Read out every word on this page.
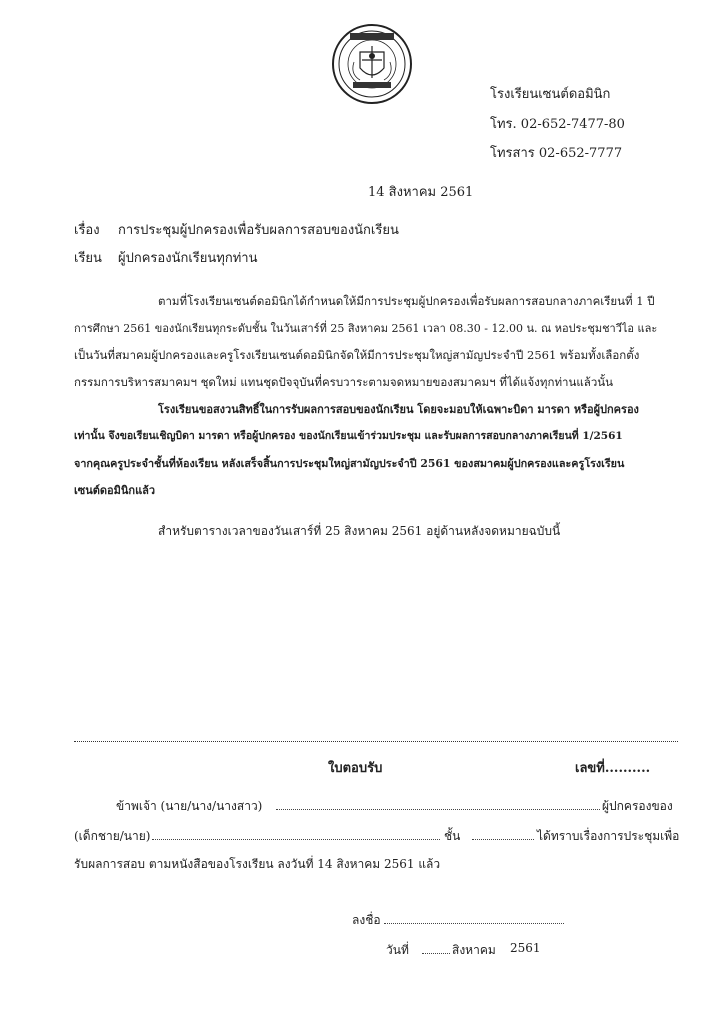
โรงเรียนเซนต์ดอมินิก
โทร. 02-652-7477-80
โทรสาร 02-652-7777
14 สิงหาคม 2561
เรื่อง การประชุมผู้ปกครองเพื่อรับผลการสอบของนักเรียน
เรียน ผู้ปกครองนักเรียนทุกท่าน
ตามที่โรงเรียนเซนต์ดอมินิกได้กำหนดให้มีการประชุมผู้ปกครองเพื่อรับผลการสอบกลางภาคเรียนที่ 1 ปี
การศึกษา 2561 ของนักเรียนทุกระดับชั้น ในวันเสาร์ที่ 25 สิงหาคม 2561 เวลา 08.30 - 12.00 น. ณ หอประชุมชาวีไอ และ
เป็นวันที่สมาคมผู้ปกครองและครูโรงเรียนเซนต์ดอมินิกจัดให้มีการประชุมใหญ่สามัญประจำปี 2561 พร้อมทั้งเลือกตั้ง
กรรมการบริหารสมาคมฯ ชุดใหม่ แทนชุดปัจจุบันที่ครบวาระตามจดหมายของสมาคมฯ ที่ได้แจ้งทุกท่านแล้วนั้น
โรงเรียนขอสงวนสิทธิ์ในการรับผลการสอบของนักเรียน โดยจะมอบให้เฉพาะบิดา มารดา หรือผู้ปกครอง
เท่านั้น จึงขอเรียนเชิญบิดา มารดา หรือผู้ปกครอง ของนักเรียนเข้าร่วมประชุม และรับผลการสอบกลางภาคเรียนที่ 1/2561
จากคุณครูประจำชั้นที่ห้องเรียน หลังเสร็จสิ้นการประชุมใหญ่สามัญประจำปี 2561 ของสมาคมผู้ปกครองและครูโรงเรียน
เซนต์ดอมินิกแล้ว
สำหรับตารางเวลาของวันเสาร์ที่ 25 สิงหาคม 2561 อยู่ด้านหลังจดหมายฉบับนี้
ใบตอบรับ	เลขที่..........
ข้าพเจ้า (นาย/นาง/นางสาว)	ผู้ปกครองของ
(เด็กชาย/นาย)	ชั้น	ได้ทราบเรื่องการประชุมเพื่อ
รับผลการสอบ ตามหนังสือของโรงเรียน ลงวันที่ 14 สิงหาคม 2561 แล้ว
ลงชื่อ
วันที่	สิงหาคม 2561
